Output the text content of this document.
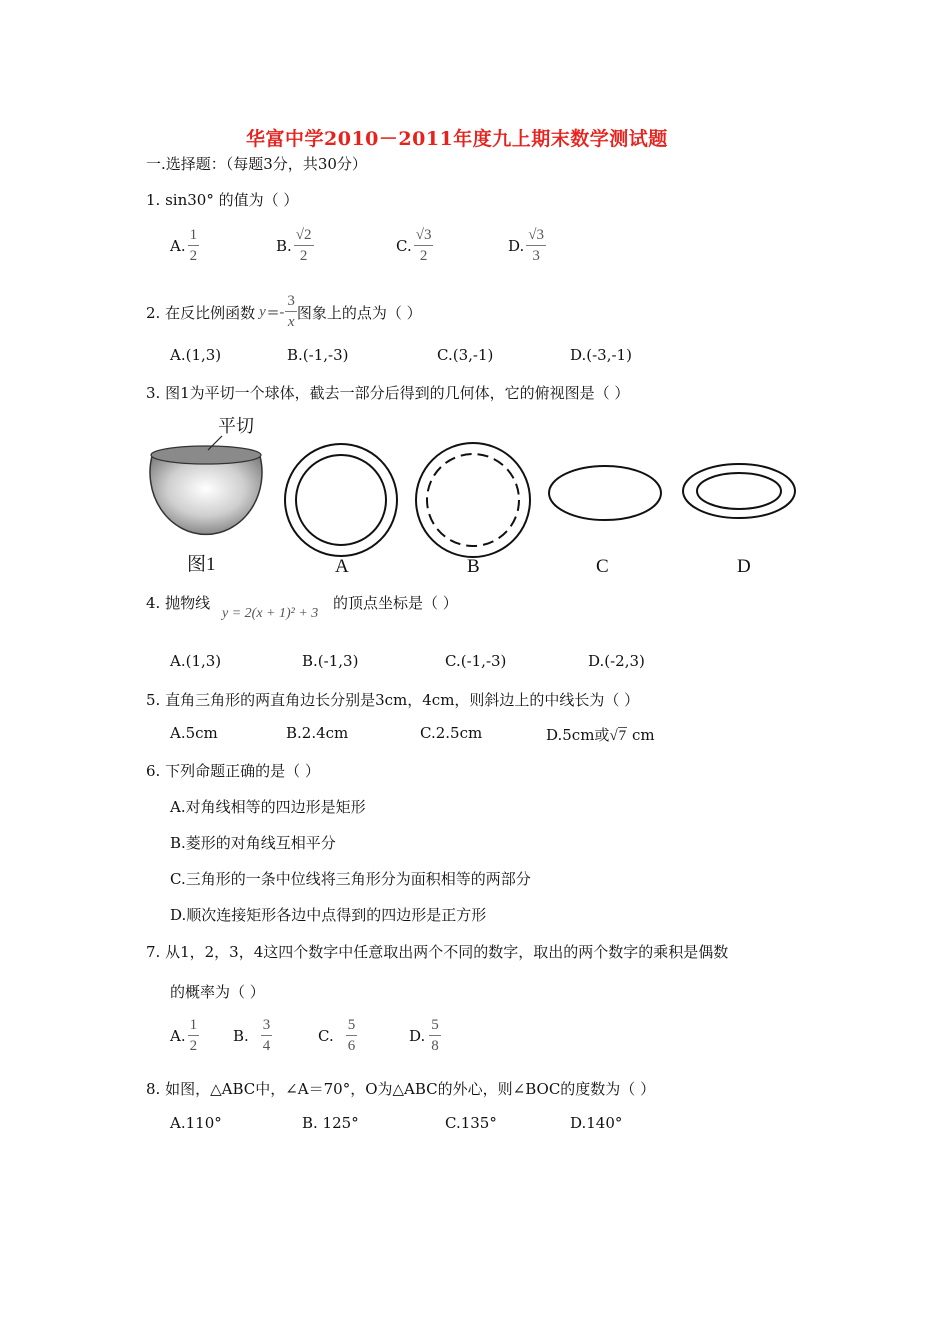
华富中学2010－2011年度九上期末数学测试题
一.选择题：（每题3分，共30分）
1. sin30° 的值为（ ）
A. $\frac{1}{2}$	B. $\frac{√2}{2}$	C. $\frac{√3}{2}$	D. $\frac{√3}{3}$
2. 在反比例函数 $y =- \frac{3}{x}$ 图象上的点为（ ）
A.(1,3)	B.(-1,-3)	C.(3,-1)	D.(-3,-1)
3. 图1为平切一个球体，截去一部分后得到的几何体，它的俯视图是（ ）
平切
图1	A	B	C	D
4. 抛物线
y = 2(x + 1)² + 3
的顶点坐标是（ ）
A.(1,3)	B.(-1,3)	C.(-1,-3)	D.(-2,3)
5. 直角三角形的两直角边长分别是3cm，4cm，则斜边上的中线长为（ ）
A.5cm	B.2.4cm	C.2.5cm	D.5cm或√7 cm
6. 下列命题正确的是（ ）
A.对角线相等的四边形是矩形
B.菱形的对角线互相平分
C.三角形的一条中位线将三角形分为面积相等的两部分
D.顺次连接矩形各边中点得到的四边形是正方形
7. 从1，2，3，4这四个数字中任意取出两个不同的数字，取出的两个数字的乘积是偶数
的概率为（ ）
A. $\frac{1}{2} B$. $\frac{3}{4}$	C. $\frac{5}{6}$	D. $\frac{5}{8}$
8. 如图，△ABC中，∠A＝70°，O为△ABC的外心，则∠BOC的度数为（ ）
A.110°	B. 125°	C.135°	D.140°
